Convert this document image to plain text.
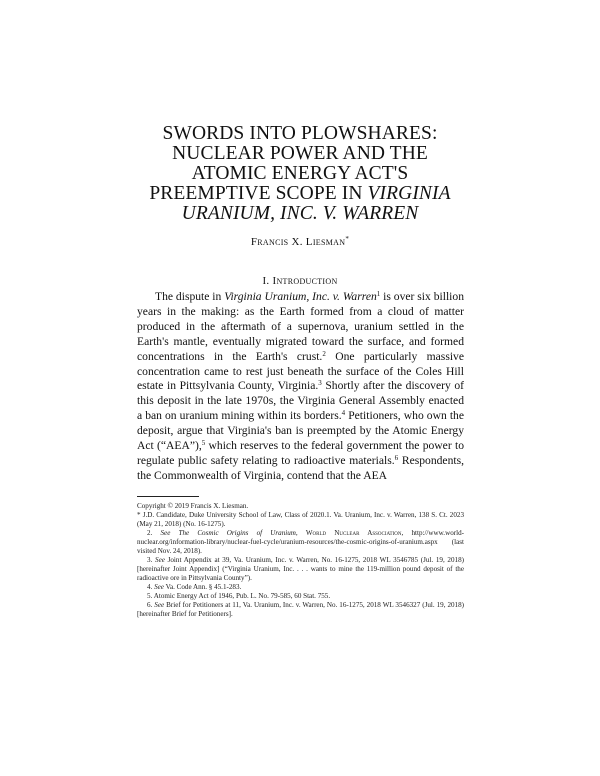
SWORDS INTO PLOWSHARES:
NUCLEAR POWER AND THE
ATOMIC ENERGY ACT'S
PREEMPTIVE SCOPE IN VIRGINIA
URANIUM, INC. V. WARREN
Francis X. Liesman*
I. Introduction

The dispute in Virginia Uranium, Inc. v. Warren$^1$ is over six billion years in the making: as the Earth formed from a cloud of matter produced in the aftermath of a supernova, uranium settled in the Earth's mantle, eventually migrated toward the surface, and formed concentrations in the Earth's crust.$^2$ One particularly massive concentration came to rest just beneath the surface of the Coles Hill estate in Pittsylvania County, Virginia.$^3$ Shortly after the discovery of this deposit in the late 1970s, the Virginia General Assembly enacted a ban on uranium mining within its borders.$^4$ Petitioners, who own the deposit, argue that Virginia's ban is preempted by the Atomic Energy Act (“AEA”),$^5$ which reserves to the federal government the power to regulate public safety relating to radioactive materials.$^6$ Respondents, the Commonwealth of Virginia, contend that the AEA

Copyright © 2019 Francis X. Liesman.

* J.D. Candidate, Duke University School of Law, Class of 2020.1. Va. Uranium, Inc. v. Warren, 138 S. Ct. 2023 (May 21, 2018) (No. 16-1275).

2. See The Cosmic Origins of Uranium, World Nuclear Association, http://www.world-nuclear.org/information-library/nuclear-fuel-cycle/uranium-resources/the-cosmic-origins-of-uranium.aspx (last visited Nov. 24, 2018).

3. See Joint Appendix at 39, Va. Uranium, Inc. v. Warren, No. 16-1275, 2018 WL 3546785 (Jul. 19, 2018) [hereinafter Joint Appendix] (“Virginia Uranium, Inc. . . . wants to mine the 119-million pound deposit of the radioactive ore in Pittsylvania County”).

4. See Va. Code Ann. § 45.1-283.

5. Atomic Energy Act of 1946, Pub. L. No. 79-585, 60 Stat. 755.

6. See Brief for Petitioners at 11, Va. Uranium, Inc. v. Warren, No. 16-1275, 2018 WL 3546327 (Jul. 19, 2018) [hereinafter Brief for Petitioners].
